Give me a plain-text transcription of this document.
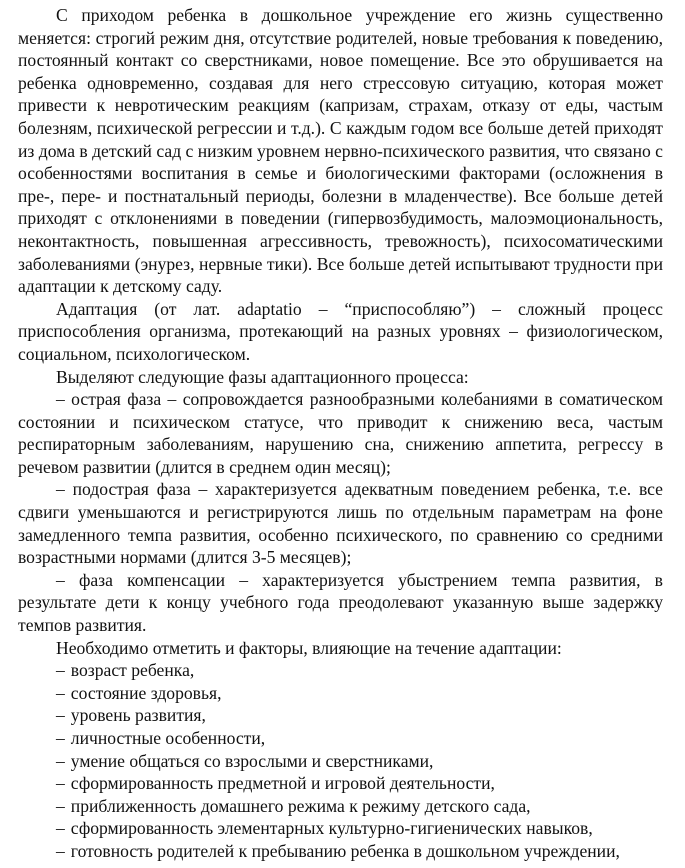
С приходом ребенка в дошкольное учреждение его жизнь существенно меняется: строгий режим дня, отсутствие родителей, новые требования к поведению, постоянный контакт со сверстниками, новое помещение. Все это обрушивается на ребенка одновременно, создавая для него стрессовую ситуацию, которая может привести к невротическим реакциям (капризам, страхам, отказу от еды, частым болезням, психической регрессии и т.д.). С каждым годом все больше детей приходят из дома в детский сад с низким уровнем нервно-психического развития, что связано с особенностями воспитания в семье и биологическими факторами (осложнения в пре-, пере- и постнатальный периоды, болезни в младенчестве). Все больше детей приходят с отклонениями в поведении (гипервозбудимость, малоэмоциональность, неконтактность, повышенная агрессивность, тревожность), психосоматическими заболеваниями (энурез, нервные тики). Все больше детей испытывают трудности при адаптации к детскому саду.

Адаптация (от лат. adaptatio – “приспособляю”) – сложный процесс приспособления организма, протекающий на разных уровнях – физиологическом, социальном, психологическом.

Выделяют следующие фазы адаптационного процесса:

– острая фаза – сопровождается разнообразными колебаниями в соматическом состоянии и психическом статусе, что приводит к снижению веса, частым респираторным заболеваниям, нарушению сна, снижению аппетита, регрессу в речевом развитии (длится в среднем один месяц);

– подострая фаза – характеризуется адекватным поведением ребенка, т.е. все сдвиги уменьшаются и регистрируются лишь по отдельным параметрам на фоне замедленного темпа развития, особенно психического, по сравнению со средними возрастными нормами (длится 3-5 месяцев);

– фаза компенсации – характеризуется убыстрением темпа развития, в результате дети к концу учебного года преодолевают указанную выше задержку темпов развития.

Необходимо отметить и факторы, влияющие на течение адаптации:

– возраст ребенка,
– состояние здоровья,
– уровень развития,
– личностные особенности,
– умение общаться со взрослыми и сверстниками,
– сформированность предметной и игровой деятельности,
– приближенность домашнего режима к режиму детского сада,
– сформированность элементарных культурно-гигиенических навыков,
– готовность родителей к пребыванию ребенка в дошкольном учреждении,
